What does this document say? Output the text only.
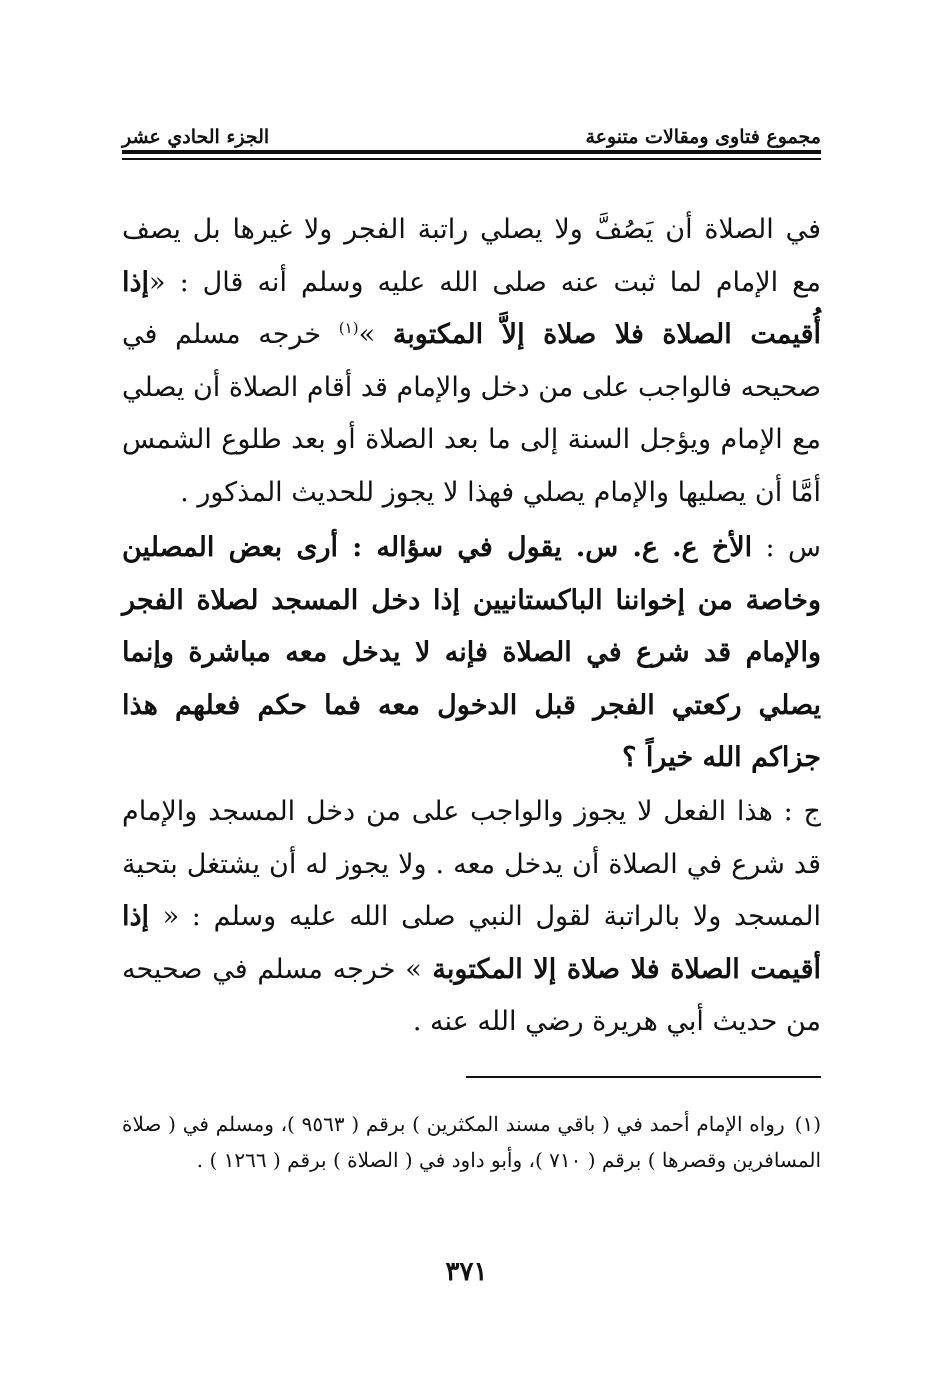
مجموع فتاوى ومقالات متنوعة
الجزء الحادي عشر
في الصلاة أن يَصُفَّ ولا يصلي راتبة الفجر ولا غيرها بل يصف مع الإمام لما ثبت عنه صلى الله عليه وسلم أنه قال : «إذا أُقيمت الصلاة فلا صلاة إلاَّ المكتوبة »$^{(١)}$ خرجه مسلم في صحيحه فالواجب على من دخل والإمام قد أقام الصلاة أن يصلي مع الإمام ويؤجل السنة إلى ما بعد الصلاة أو بعد طلوع الشمس أمَّا أن يصليها والإمام يصلي فهذا لا يجوز للحديث المذكور .
س : الأخ ع. ع. س. يقول في سؤاله : أرى بعض المصلين وخاصة من إخواننا الباكستانيين إذا دخل المسجد لصلاة الفجر والإمام قد شرع في الصلاة فإنه لا يدخل معه مباشرة وإنما يصلي ركعتي الفجر قبل الدخول معه فما حكم فعلهم هذا جزاكم الله خيراً ؟
ج : هذا الفعل لا يجوز والواجب على من دخل المسجد والإمام قد شرع في الصلاة أن يدخل معه . ولا يجوز له أن يشتغل بتحية المسجد ولا بالراتبة لقول النبي صلى الله عليه وسلم : « إذا أقيمت الصلاة فلا صلاة إلا المكتوبة » خرجه مسلم في صحيحه من حديث أبي هريرة رضي الله عنه .
(١)رواه الإمام أحمد في ( باقي مسند المكثرين ) برقم ( ٩٥٦٣ )، ومسلم في ( صلاة المسافرين وقصرها ) برقم ( ٧١٠ )، وأبو داود في ( الصلاة ) برقم ( ١٢٦٦ ) .
٣٧١
